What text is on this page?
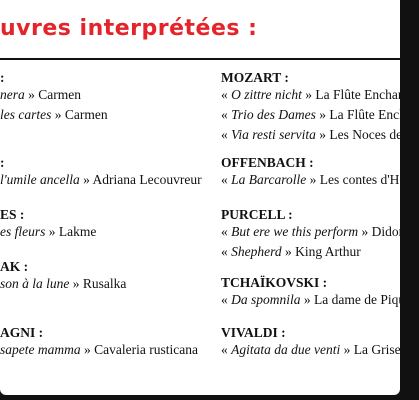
uvres interprétées :
:
nera » Carmen
les cartes » Carmen
:
l'umile ancella » Adriana Lecouvreur
ES :
es fleurs » Lakme
AK :
son à la lune » Rusalka
AGNI :
sapete mamma » Cavaleria rusticana
MOZART :
« O zittre nicht » La Flûte Enchant
« Trio des Dames » La Flûte Enchan
« Via resti servita » Les Noces de F
OFFENBACH :
« La Barcarolle » Les contes d'Hoff
PURCELL :
« But ere we this perform » Didon e
« Shepherd » King Arthur
TCHAÏKOVSKI :
« Da spomnila » La dame de Pique
VIVALDI :
« Agitata da due venti » La Griselda
